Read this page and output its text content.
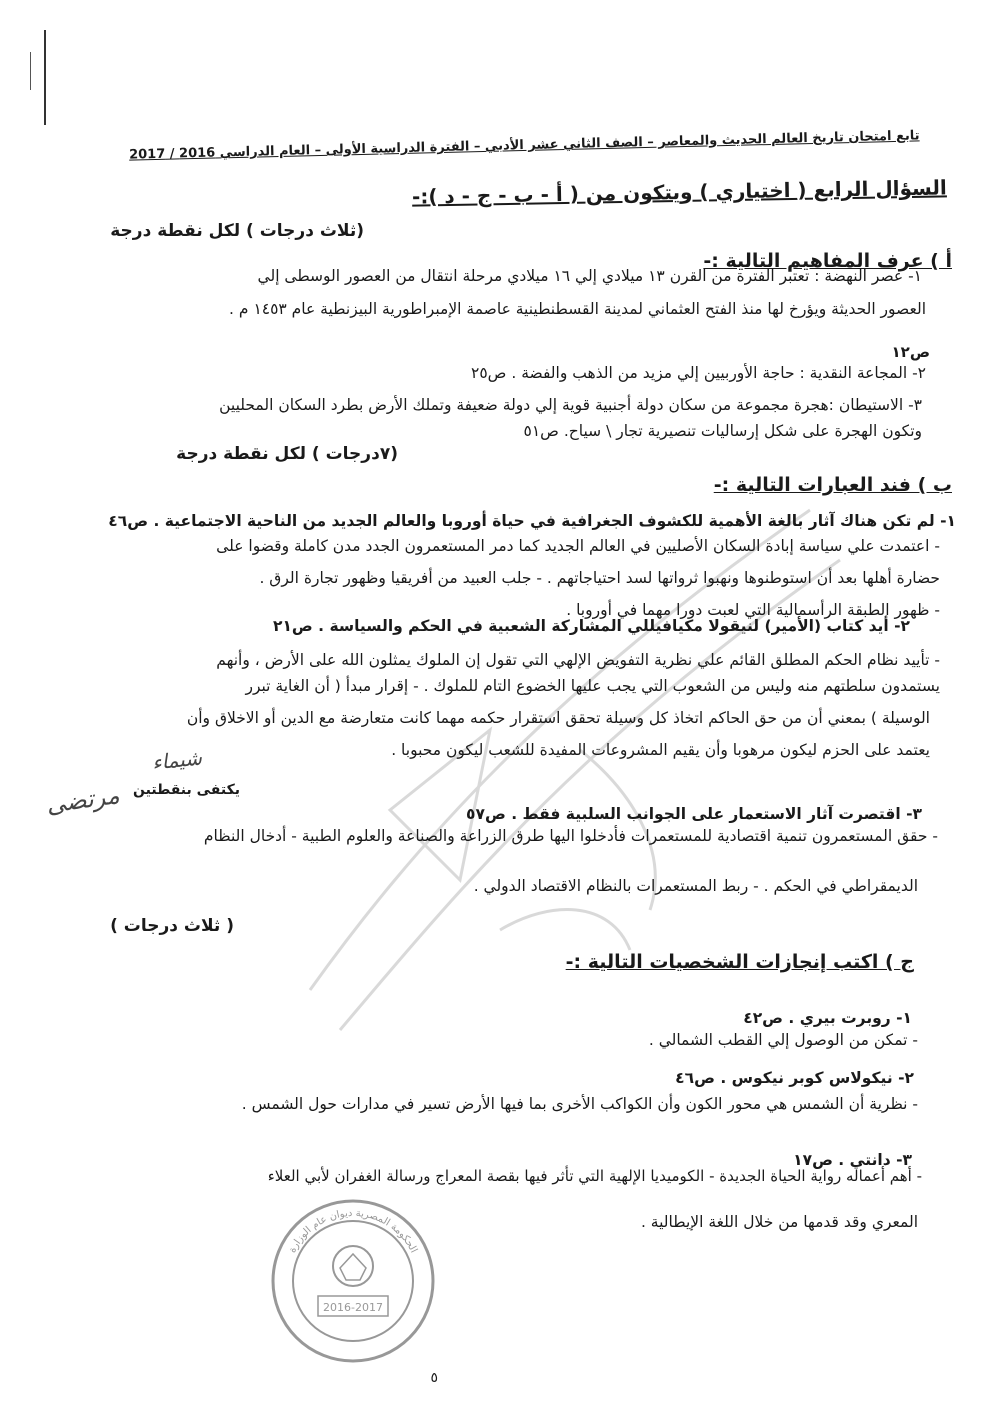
تابع امتحان تاريخ العالم الحديث والمعاصر – الصف الثاني عشر الأدبي – الفترة الدراسية الأولى – العام الدراسي 2016 / 2017
السؤال الرابع ( اختياري ) ويتكون من ( أ - ب - ج - د ):-
(ثلاث درجات ) لكل نقطة درجة
أ ) عرف المفاهيم التالية :-
١- عصر النهضة : تعتبر الفترة من القرن ١٣ ميلادي إلي ١٦ ميلادي مرحلة انتقال من العصور الوسطى إلي
العصور الحديثة ويؤرخ لها منذ الفتح العثماني لمدينة القسطنطينية عاصمة الإمبراطورية البيزنطية عام ١٤٥٣ م .
ص١٢
٢- المجاعة النقدية : حاجة الأوربيين إلي مزيد من الذهب والفضة . ص٢٥
٣- الاستيطان :هجرة مجموعة من سكان دولة أجنبية قوية إلي دولة ضعيفة وتملك الأرض بطرد السكان المحليين
وتكون الهجرة على شكل إرساليات تنصيرية تجار \ سياح. ص٥١
(٧درجات ) لكل نقطة درجة
ب ) فند العبارات التالية :-
١- لم تكن هناك آثار بالغة الأهمية للكشوف الجغرافية في حياة أوروبا والعالم الجديد من الناحية الاجتماعية . ص٤٦
- اعتمدت علي سياسة إبادة السكان الأصليين في العالم الجديد كما دمر المستعمرون الجدد مدن كاملة وقضوا على
حضارة أهلها بعد أن استوطنوها ونهبوا ثرواتها لسد احتياجاتهم . - جلب العبيد من أفريقيا وظهور تجارة الرق .
- ظهور الطبقة الرأسمالية التي لعبت دورا مهما في أوروبا .
٢- أيد كتاب (الأمير) لنيقولا مكيافيللي المشاركة الشعبية في الحكم والسياسة . ص٢١
- تأييد نظام الحكم المطلق القائم علي نظرية التفويض الإلهي التي تقول إن الملوك يمثلون الله على الأرض ، وأنهم
يستمدون سلطتهم منه وليس من الشعوب التي يجب عليها الخضوع التام للملوك . - إقرار مبدأ ( أن الغاية تبرر
الوسيلة ) بمعني أن من حق الحاكم اتخاذ كل وسيلة تحقق استقرار حكمه مهما كانت متعارضة مع الدين أو الاخلاق وأن
يعتمد على الحزم ليكون مرهوبا وأن يقيم المشروعات المفيدة للشعب ليكون محبوبا .
يكتفى بنقطتين
٣- اقتصرت آثار الاستعمار على الجوانب السلبية فقط . ص٥٧
- حقق المستعمرون تنمية اقتصادية للمستعمرات فأدخلوا اليها طرق الزراعة والصناعة والعلوم الطبية - أدخال النظام
الديمقراطي في الحكم . - ربط المستعمرات بالنظام الاقتصاد الدولي .
شيماء
مرتضى
( ثلاث درجات )
ج ) اكتب إنجازات الشخصيات التالية :-
١- روبرت بيري . ص٤٢
- تمكن من الوصول إلي القطب الشمالي .
٢- نيكولاس كوبر نيكوس . ص٤٦
- نظرية أن الشمس هي محور الكون وأن الكواكب الأخرى بما فيها الأرض تسير في مدارات حول الشمس .
٣- دانتي . ص١٧
- أهم أعماله رواية الحياة الجديدة - الكوميديا الإلهية التي تأثر فيها بقصة المعراج ورسالة الغفران لأبي العلاء
المعري وقد قدمها من خلال اللغة الإيطالية .
2016-2017
الحكومة المصرية ديوان عام الوزارة
٥
